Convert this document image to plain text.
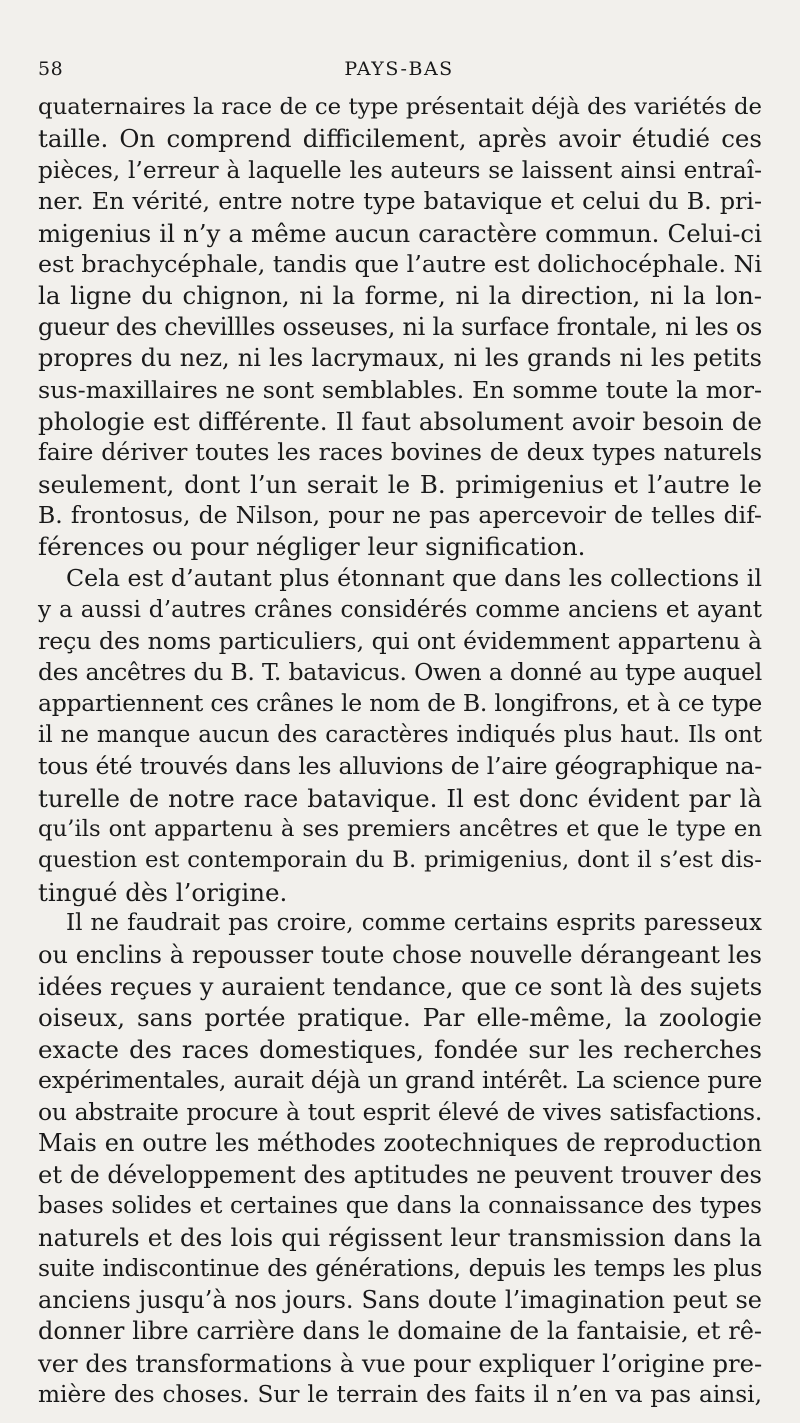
58	PAYS-BAS
quaternaires la race de ce type présentait déjà des variétés de
taille. On comprend difficilement, après avoir étudié ces
pièces, l’erreur à laquelle les auteurs se laissent ainsi entraî-
ner. En vérité, entre notre type batavique et celui du B. pri-
migenius il n’y a même aucun caractère commun. Celui-ci
est brachycéphale, tandis que l’autre est dolichocéphale. Ni
la ligne du chignon, ni la forme, ni la direction, ni la lon-
gueur des chevillles osseuses, ni la surface frontale, ni les os
propres du nez, ni les lacrymaux, ni les grands ni les petits
sus-maxillaires ne sont semblables. En somme toute la mor-
phologie est différente. Il faut absolument avoir besoin de
faire dériver toutes les races bovines de deux types naturels
seulement, dont l’un serait le B. primigenius et l’autre le
B. frontosus, de Nilson, pour ne pas apercevoir de telles dif-
férences ou pour négliger leur signification.
Cela est d’autant plus étonnant que dans les collections il
y a aussi d’autres crânes considérés comme anciens et ayant
reçu des noms particuliers, qui ont évidemment appartenu à
des ancêtres du B. T. batavicus. Owen a donné au type auquel
appartiennent ces crânes le nom de B. longifrons, et à ce type
il ne manque aucun des caractères indiqués plus haut. Ils ont
tous été trouvés dans les alluvions de l’aire géographique na-
turelle de notre race batavique. Il est donc évident par là
qu’ils ont appartenu à ses premiers ancêtres et que le type en
question est contemporain du B. primigenius, dont il s’est dis-
tingué dès l’origine.
Il ne faudrait pas croire, comme certains esprits paresseux
ou enclins à repousser toute chose nouvelle dérangeant les
idées reçues y auraient tendance, que ce sont là des sujets
oiseux, sans portée pratique. Par elle-même, la zoologie
exacte des races domestiques, fondée sur les recherches
expérimentales, aurait déjà un grand intérêt. La science pure
ou abstraite procure à tout esprit élevé de vives satisfactions.
Mais en outre les méthodes zootechniques de reproduction
et de développement des aptitudes ne peuvent trouver des
bases solides et certaines que dans la connaissance des types
naturels et des lois qui régissent leur transmission dans la
suite indiscontinue des générations, depuis les temps les plus
anciens jusqu’à nos jours. Sans doute l’imagination peut se
donner libre carrière dans le domaine de la fantaisie, et rê-
ver des transformations à vue pour expliquer l’origine pre-
mière des choses. Sur le terrain des faits il n’en va pas ainsi,
